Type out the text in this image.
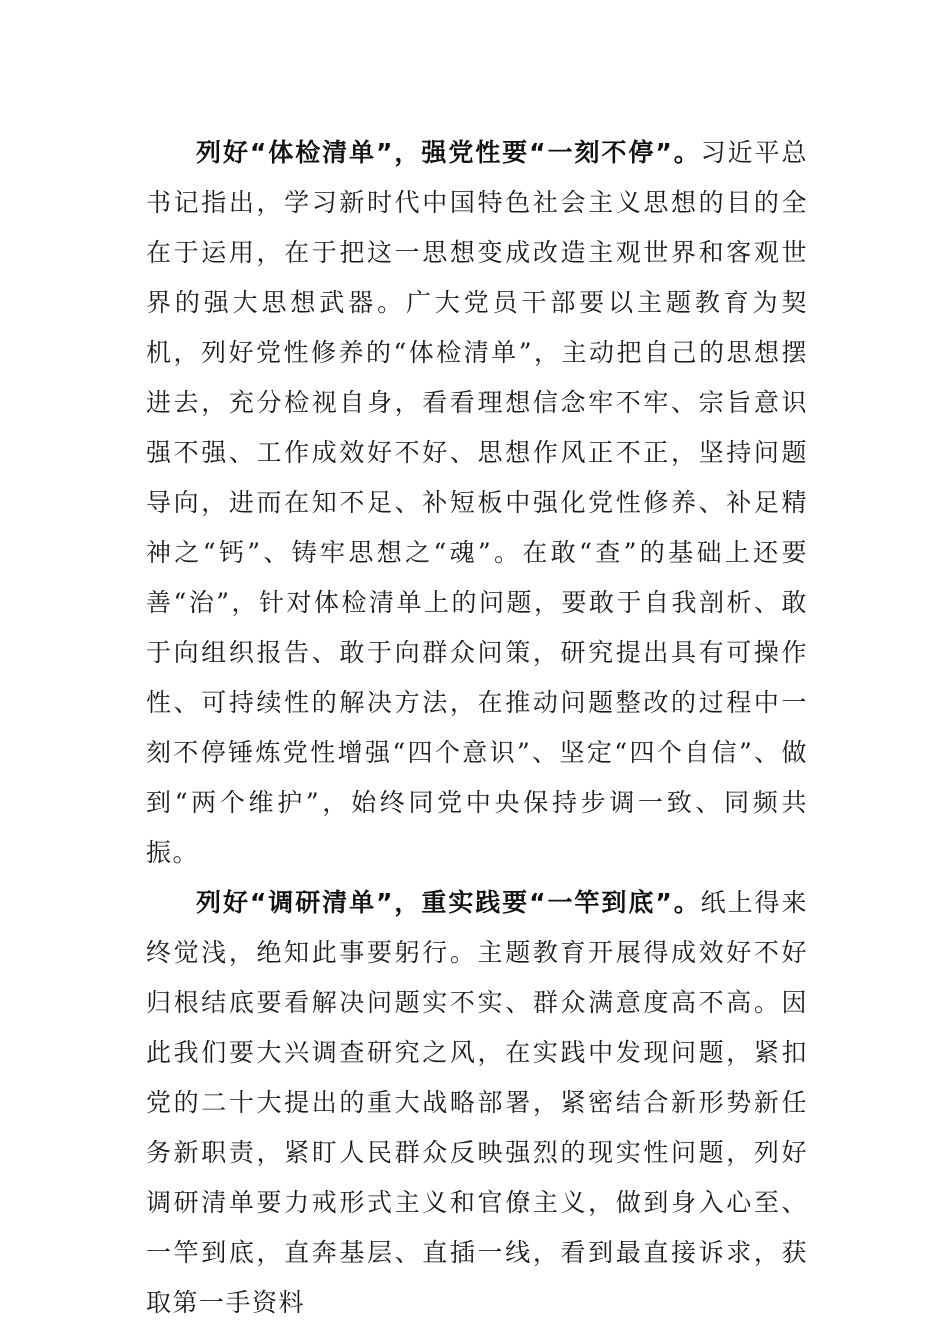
列好“体检清单”，强党性要“一刻不停”。习近平总书记指出，学习新时代中国特色社会主义思想的目的全在于运用，在于把这一思想变成改造主观世界和客观世界的强大思想武器。广大党员干部要以主题教育为契机，列好党性修养的“体检清单”，主动把自己的思想摆进去，充分检视自身，看看理想信念牢不牢、宗旨意识强不强、工作成效好不好、思想作风正不正，坚持问题导向，进而在知不足、补短板中强化党性修养、补足精神之“钙”、铸牢思想之“魂”。在敢“查”的基础上还要善“治”，针对体检清单上的问题，要敢于自我剖析、敢于向组织报告、敢于向群众问策，研究提出具有可操作性、可持续性的解决方法，在推动问题整改的过程中一刻不停锤炼党性增强“四个意识”、坚定“四个自信”、做到“两个维护”，始终同党中央保持步调一致、同频共振。

列好“调研清单”，重实践要“一竿到底”。纸上得来终觉浅，绝知此事要躬行。主题教育开展得成效好不好归根结底要看解决问题实不实、群众满意度高不高。因此我们要大兴调查研究之风，在实践中发现问题，紧扣党的二十大提出的重大战略部署，紧密结合新形势新任务新职责，紧盯人民群众反映强烈的现实性问题，列好调研清单要力戒形式主义和官僚主义，做到身入心至、一竿到底，直奔基层、直插一线，看到最直接诉求，获取第一手资料
